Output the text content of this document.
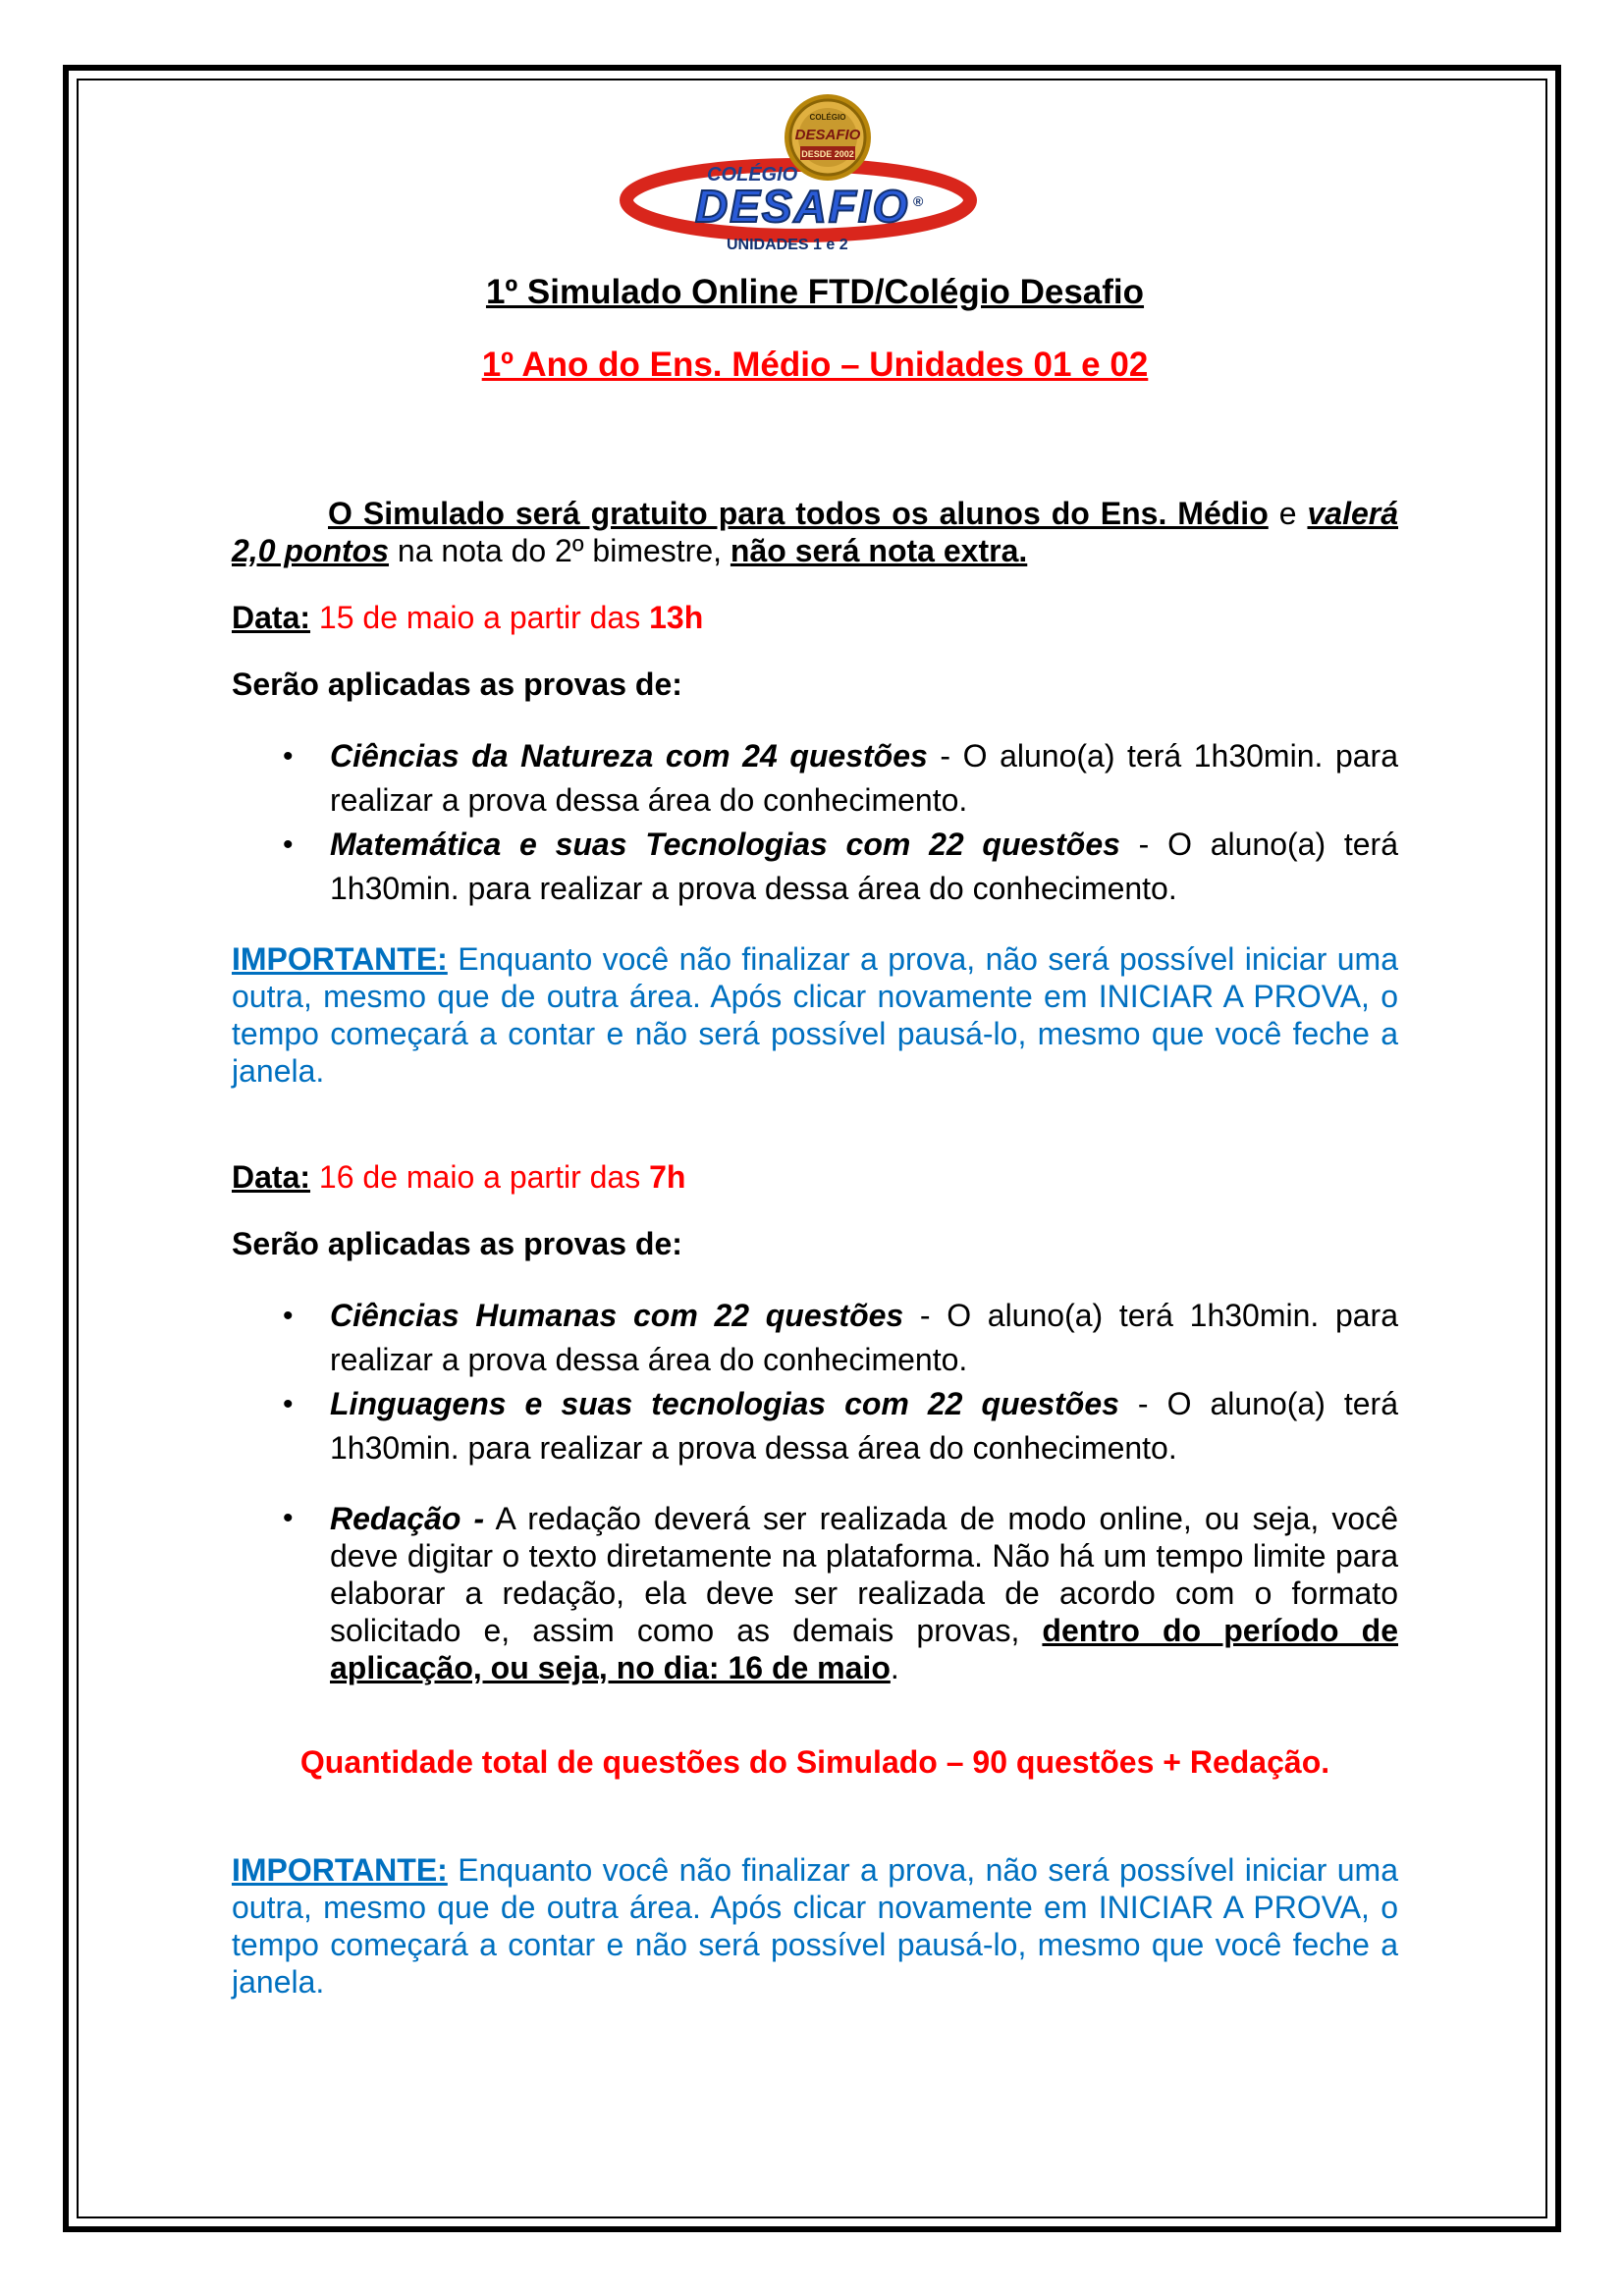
COLÉGIO
DESAFIO
DESDE 2002
COLÉGIO
DESAFIO ®
UNIDADES 1 e 2
1º Simulado Online FTD/Colégio Desafio
1º Ano do Ens. Médio – Unidades 01 e 02

O Simulado será gratuito para todos os alunos do Ens. Médio e valerá 2,0 pontos na nota do 2º bimestre, não será nota extra.

Data: 15 de maio a partir das 13h

Serão aplicadas as provas de:

• Ciências da Natureza com 24 questões - O aluno(a) terá 1h30min. para realizar a prova dessa área do conhecimento.
• Matemática e suas Tecnologias com 22 questões - O aluno(a) terá 1h30min. para realizar a prova dessa área do conhecimento.

IMPORTANTE: Enquanto você não finalizar a prova, não será possível iniciar uma outra, mesmo que de outra área. Após clicar novamente em INICIAR A PROVA, o tempo começará a contar e não será possível pausá-lo, mesmo que você feche a janela.

Data: 16 de maio a partir das 7h

Serão aplicadas as provas de:

• Ciências Humanas com 22 questões - O aluno(a) terá 1h30min. para realizar a prova dessa área do conhecimento.
• Linguagens e suas tecnologias com 22 questões - O aluno(a) terá 1h30min. para realizar a prova dessa área do conhecimento.
• Redação - A redação deverá ser realizada de modo online, ou seja, você deve digitar o texto diretamente na plataforma. Não há um tempo limite para elaborar a redação, ela deve ser realizada de acordo com o formato solicitado e, assim como as demais provas, dentro do período de aplicação, ou seja, no dia: 16 de maio.

Quantidade total de questões do Simulado – 90 questões + Redação.

IMPORTANTE: Enquanto você não finalizar a prova, não será possível iniciar uma outra, mesmo que de outra área. Após clicar novamente em INICIAR A PROVA, o tempo começará a contar e não será possível pausá-lo, mesmo que você feche a janela.
